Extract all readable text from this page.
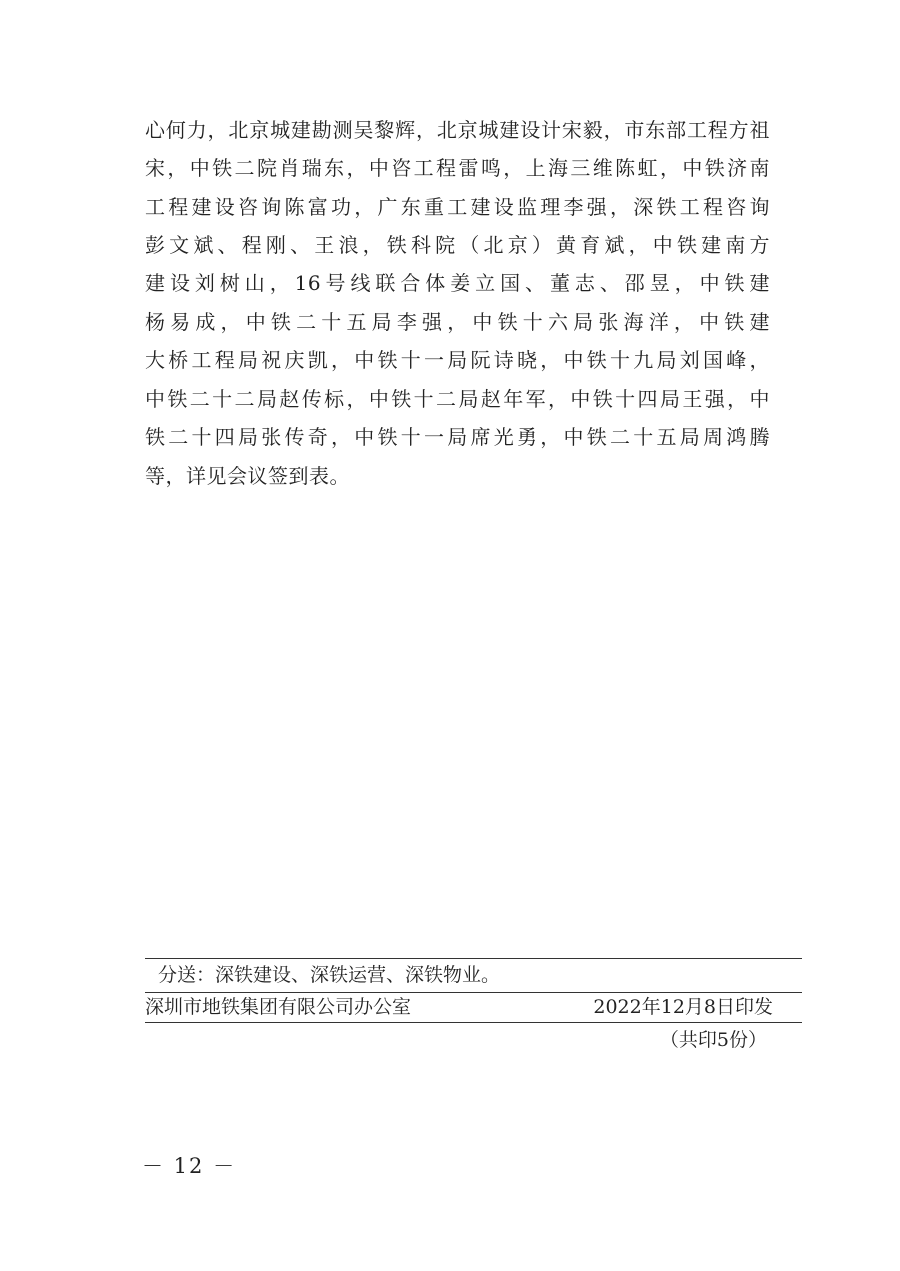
心何力，北京城建勘测吴黎辉，北京城建设计宋毅，市东部工程方祖
宋，中铁二院肖瑞东，中咨工程雷鸣，上海三维陈虹，中铁济南
工程建设咨询陈富功，广东重工建设监理李强，深铁工程咨询
彭文斌、程刚、王浪，铁科院（北京）黄育斌，中铁建南方
建设刘树山，16号线联合体姜立国、董志、邵昱，中铁建
杨易成，中铁二十五局李强，中铁十六局张海洋，中铁建
大桥工程局祝庆凯，中铁十一局阮诗晓，中铁十九局刘国峰，
中铁二十二局赵传标，中铁十二局赵年军，中铁十四局王强，中
铁二十四局张传奇，中铁十一局席光勇，中铁二十五局周鸿腾
等，详见会议签到表。
分送：深铁建设、深铁运营、深铁物业。
深圳市地铁集团有限公司办公室	2022年12月8日印发
（共印5份）
－ 12 －
